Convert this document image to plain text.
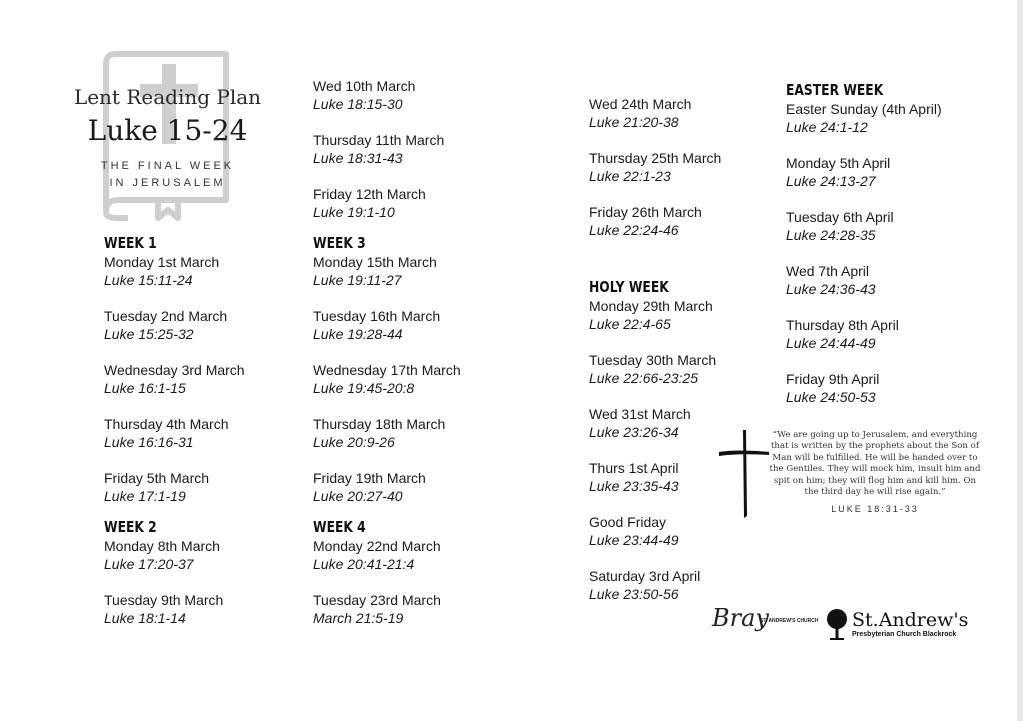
Lent Reading Plan
Luke 15-24
THE FINAL WEEK
IN JERUSALEM
WEEK 1
Monday 1st March
Luke 15:11-24
Tuesday 2nd March
Luke 15:25-32
Wednesday 3rd March
Luke 16:1-15
Thursday 4th March
Luke 16:16-31
Friday 5th March
Luke 17:1-19
WEEK 2
Monday 8th March
Luke 17:20-37
Tuesday 9th March
Luke 18:1-14
Wed 10th March
Luke 18:15-30
Thursday 11th March
Luke 18:31-43
Friday 12th March
Luke 19:1-10
WEEK 3
Monday 15th March
Luke 19:11-27
Tuesday 16th March
Luke 19:28-44
Wednesday 17th March
Luke 19:45-20:8
Thursday 18th March
Luke 20:9-26
Friday 19th March
Luke 20:27-40
WEEK 4
Monday 22nd March
Luke 20:41-21:4
Tuesday 23rd March
March 21:5-19
Wed 24th March
Luke 21:20-38
Thursday 25th March
Luke 22:1-23
Friday 26th March
Luke 22:24-46
HOLY WEEK
Monday 29th March
Luke 22:4-65
Tuesday 30th March
Luke 22:66-23:25
Wed 31st March
Luke 23:26-34
Thurs 1st April
Luke 23:35-43
Good Friday
Luke 23:44-49
Saturday 3rd April
Luke 23:50-56
EASTER WEEK
Easter Sunday (4th April)
Luke 24:1-12
Monday 5th April
Luke 24:13-27
Tuesday 6th April
Luke 24:28-35
Wed 7th April
Luke 24:36-43
Thursday 8th April
Luke 24:44-49
Friday 9th April
Luke 24:50-53
“We are going up to Jerusalem, and everything that is written by the prophets about the Son of Man will be fulfilled. He will be handed over to the Gentiles. They will mock him, insult him and spit on him; they will flog him and kill him. On the third day he will rise again.”
LUKE 18:31-33
Bray
ST. ANDREW'S CHURCH St.Andrew's
Presbyterian Church Blackrock
